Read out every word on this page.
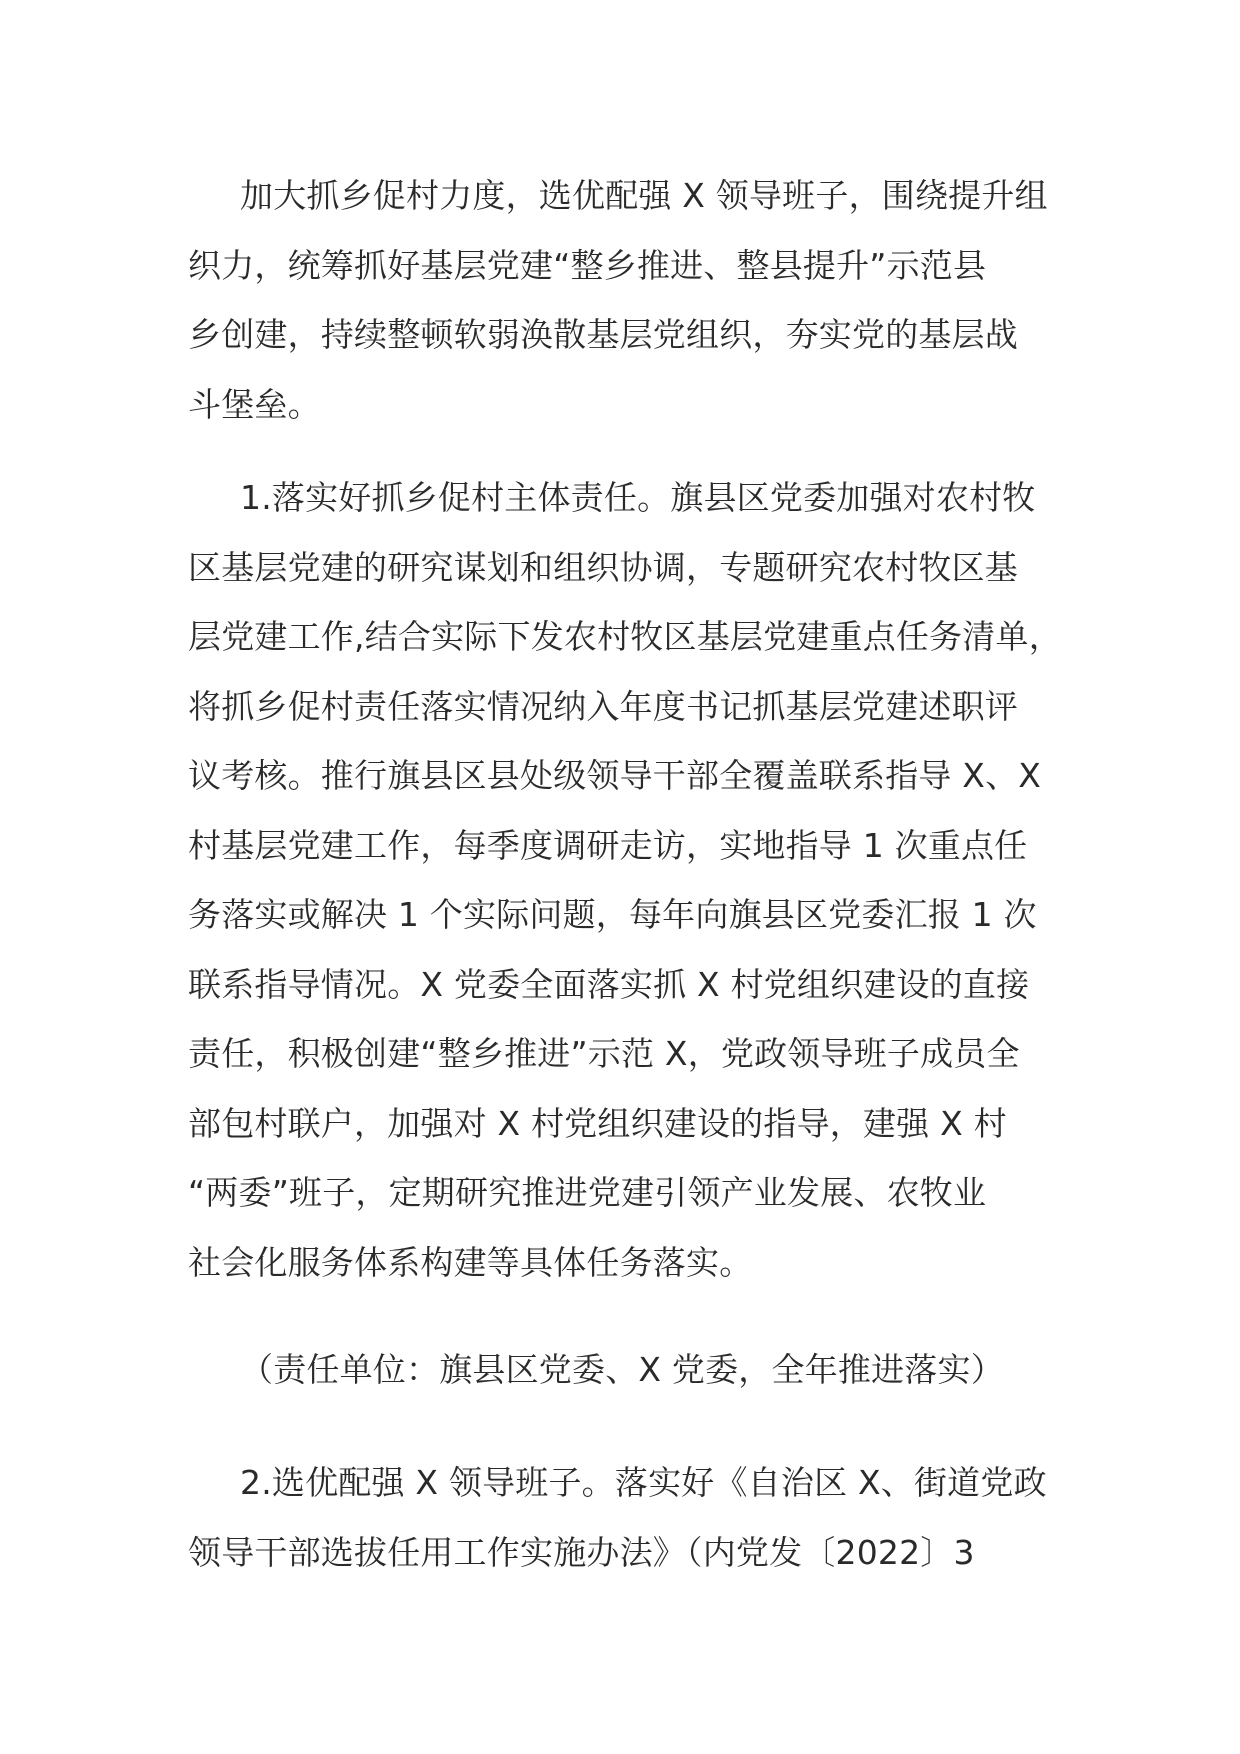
加大抓乡促村力度，选优配强 X 领导班子，围绕提升组
织力，统筹抓好基层党建“整乡推进、整县提升”示范县
乡创建，持续整顿软弱涣散基层党组织，夯实党的基层战
斗堡垒。
1.落实好抓乡促村主体责任。旗县区党委加强对农村牧
区基层党建的研究谋划和组织协调，专题研究农村牧区基
层党建工作,结合实际下发农村牧区基层党建重点任务清单，
将抓乡促村责任落实情况纳入年度书记抓基层党建述职评
议考核。推行旗县区县处级领导干部全覆盖联系指导 X、X
村基层党建工作，每季度调研走访，实地指导 1 次重点任
务落实或解决 1 个实际问题，每年向旗县区党委汇报 1 次
联系指导情况。X 党委全面落实抓 X 村党组织建设的直接
责任，积极创建“整乡推进”示范 X，党政领导班子成员全
部包村联户，加强对 X 村党组织建设的指导，建强 X 村
“两委”班子，定期研究推进党建引领产业发展、农牧业
社会化服务体系构建等具体任务落实。
（责任单位：旗县区党委、X 党委，全年推进落实）
2.选优配强 X 领导班子。落实好《自治区 X、街道党政
领导干部选拔任用工作实施办法》（内党发〔2022〕3
